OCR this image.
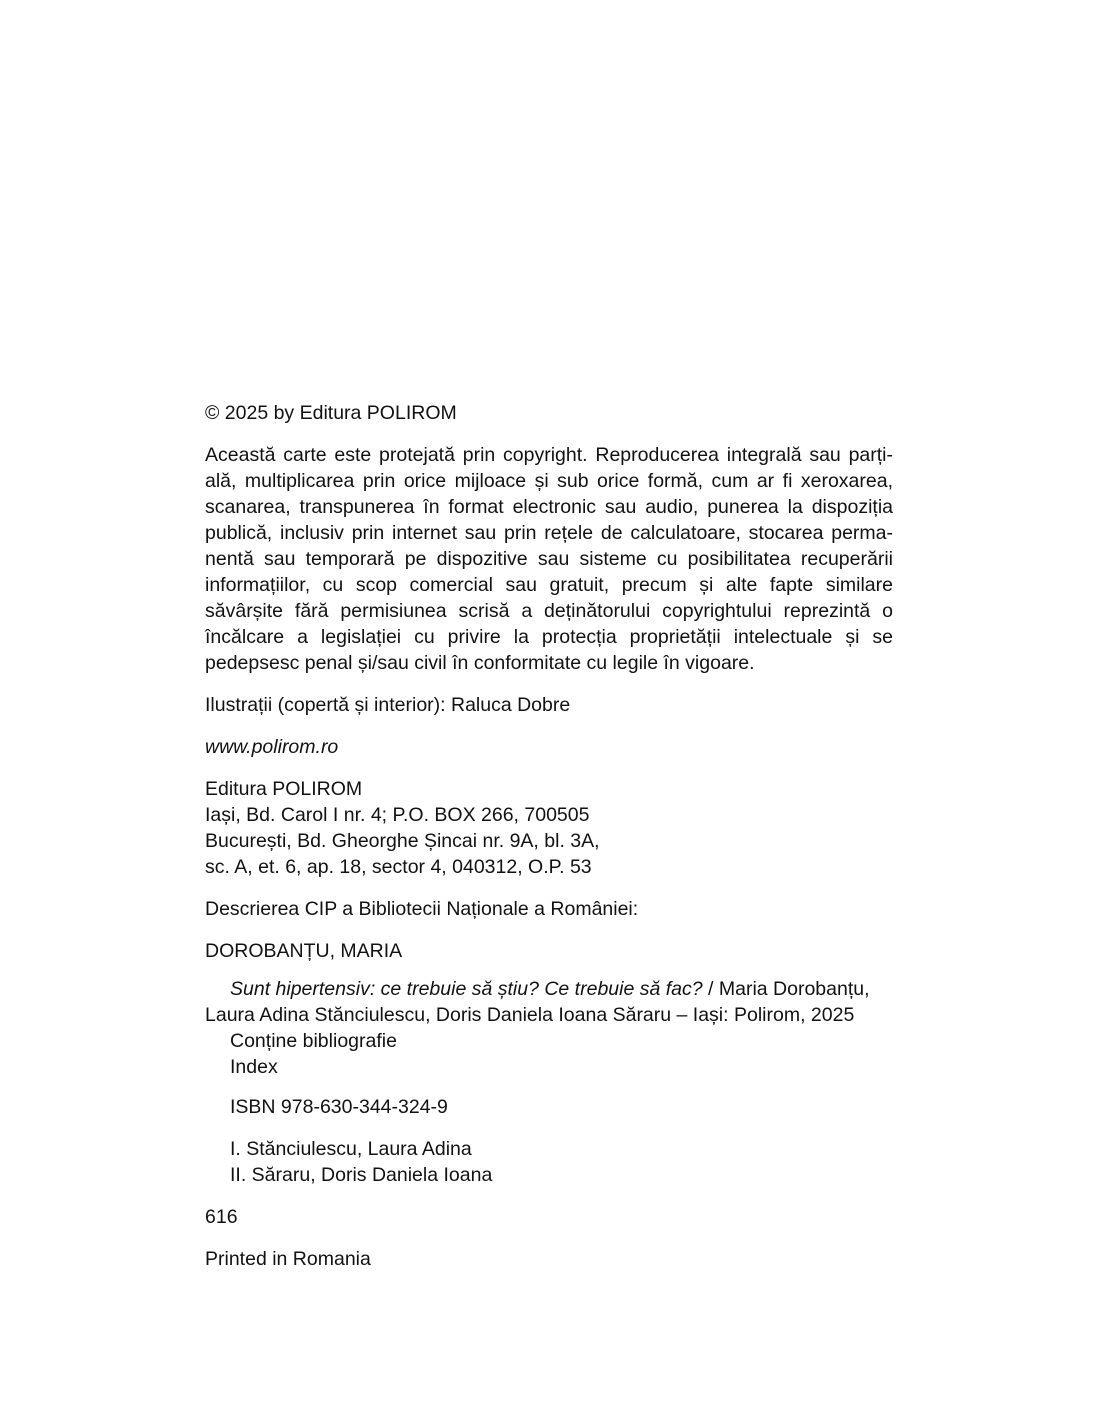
© 2025 by Editura POLIROM
Această carte este protejată prin copyright. Reproducerea integrală sau parți-
ală, multiplicarea prin orice mijloace și sub orice formă, cum ar fi xeroxarea,
scanarea, transpunerea în format electronic sau audio, punerea la dispoziția
publică, inclusiv prin internet sau prin rețele de calculatoare, stocarea perma-
nentă sau temporară pe dispozitive sau sisteme cu posibilitatea recuperării
informațiilor, cu scop comercial sau gratuit, precum și alte fapte similare
săvârșite fără permisiunea scrisă a deținătorului copyrightului reprezintă o
încălcare a legislației cu privire la protecția proprietății intelectuale și se
pedepsesc penal și/sau civil în conformitate cu legile în vigoare.
Ilustrații (copertă și interior): Raluca Dobre
www.polirom.ro
Editura POLIROM
Iași, Bd. Carol I nr. 4; P.O. BOX 266, 700505
București, Bd. Gheorghe Șincai nr. 9A, bl. 3A,
sc. A, et. 6, ap. 18, sector 4, 040312, O.P. 53
Descrierea CIP a Bibliotecii Naționale a României:
DOROBANȚU, MARIA
Sunt hipertensiv: ce trebuie să știu? Ce trebuie să fac? / Maria Dorobanțu,
Laura Adina Stănciulescu, Doris Daniela Ioana Săraru – Iași: Polirom, 2025
Conține bibliografie
Index
ISBN 978-630-344-324-9
I. Stănciulescu, Laura Adina
II. Săraru, Doris Daniela Ioana
616
Printed in Romania
